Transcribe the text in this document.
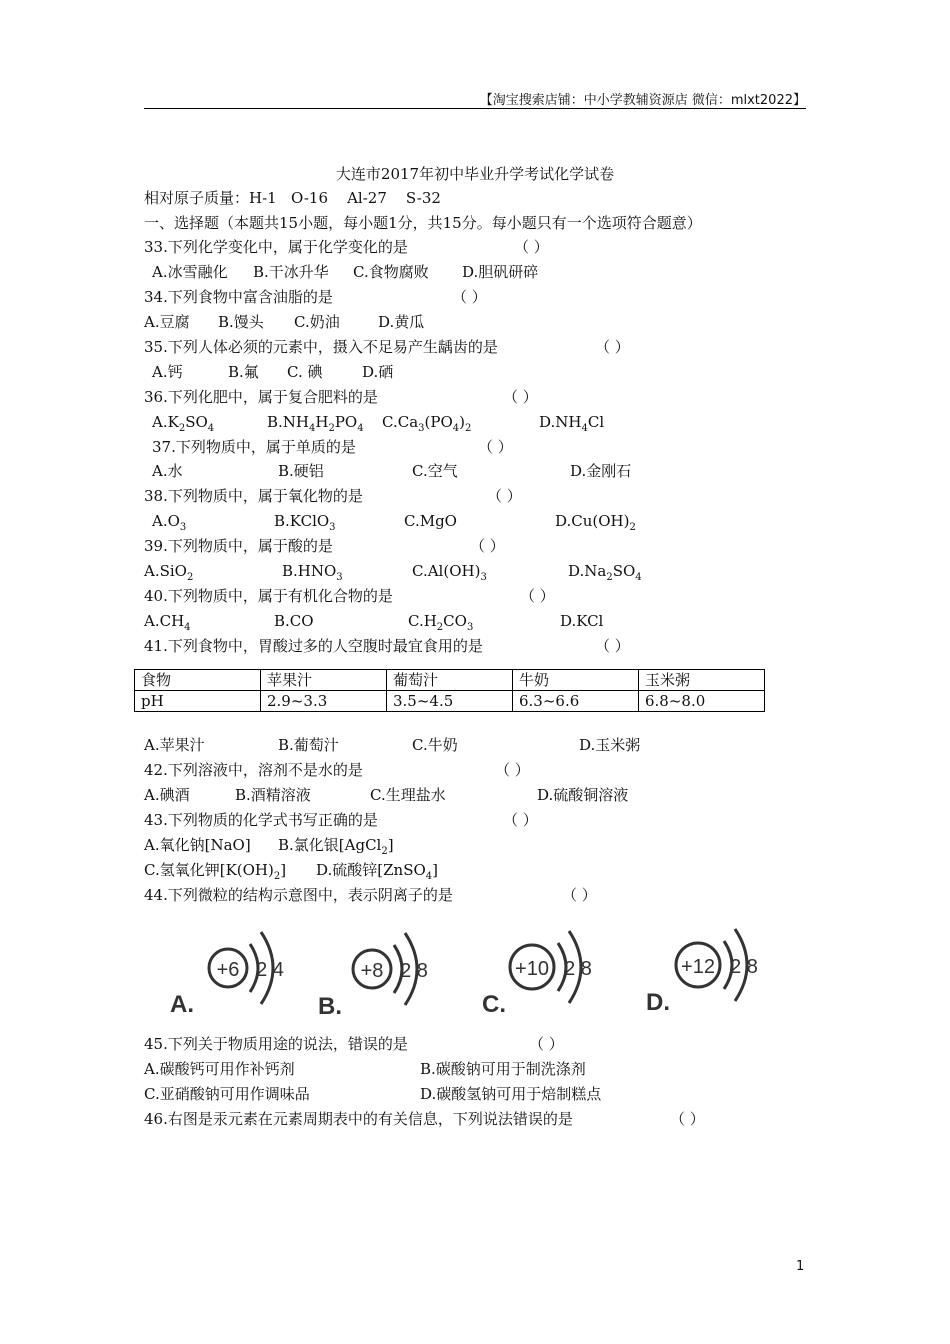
【淘宝搜索店铺：中小学教辅资源店 微信：mlxt2022】
大连市2017年初中毕业升学考试化学试卷
相对原子质量：H-1   O-16    Al-27    S-32
一、选择题（本题共15小题，每小题1分，共15分。每小题只有一个选项符合题意）
33.下列化学变化中，属于化学变化的是	（ ）
A.冰雪融化 B.干冰升华 C.食物腐败 D.胆矾研碎
34.下列食物中富含油脂的是	（ ）
A.豆腐 B.馒头 C.奶油	D.黄瓜
35.下列人体必须的元素中，摄入不足易产生龋齿的是	（ ）
A.钙	B.氟 C. 碘	D.硒
36.下列化肥中，属于复合肥料的是	（ ）
$A.K_2SO_4$	$B.NH_4H_2PO_4$ $C.Ca_3(PO_4)_2$	$D.NH_4Cl$
37.下列物质中，属于单质的是	（ ）
A.水	B.硬铝	C.空气	D.金刚石
38.下列物质中，属于氧化物的是	（ ）
$A.O_3$	B.KClO$_3$	C.MgO	$D.Cu(OH)_2$
39.下列物质中，属于酸的是	（ ）
A.SiO$_2$	$B.HNO_3$	$C.Al(OH)_3$	$D.Na_2SO_4$
40.下列物质中，属于有机化合物的是	（ ）
$A.CH_4$	B.CO	$C.H_2CO_3$	D.KCl
41.下列食物中，胃酸过多的人空腹时最宜食用的是	（ ）
食物	苹果汁	葡萄汁	牛奶	玉米粥
pH	2.9~3.3	3.5~4.5	6.3~6.6	6.8~8.0
A.苹果汁	B.葡萄汁	C.牛奶	D.玉米粥
42.下列溶液中，溶剂不是水的是	（ ）
A.碘酒	B.酒精溶液	C.生理盐水	D.硫酸铜溶液
43.下列物质的化学式书写正确的是	（ ）
A.氧化钠[NaO] B.氯化银[AgCl$_2$]
C.氢氧化钾$[K(OH)_2]$ D.硫酸锌[ZnSO$_4$]
44.下列微粒的结构示意图中，表示阴离子的是	（ ）
A.
+6 2 4
B.
+8 2 8
C.
+10 2 8
D.
+12 2 8
45.下列关于物质用途的说法，错误的是	（ ）
A.碳酸钙可用作补钙剂	B.碳酸钠可用于制洗涤剂
C.亚硝酸钠可用作调味品	D.碳酸氢钠可用于焙制糕点
46.右图是汞元素在元素周期表中的有关信息，下列说法错误的是	（ ）
1
